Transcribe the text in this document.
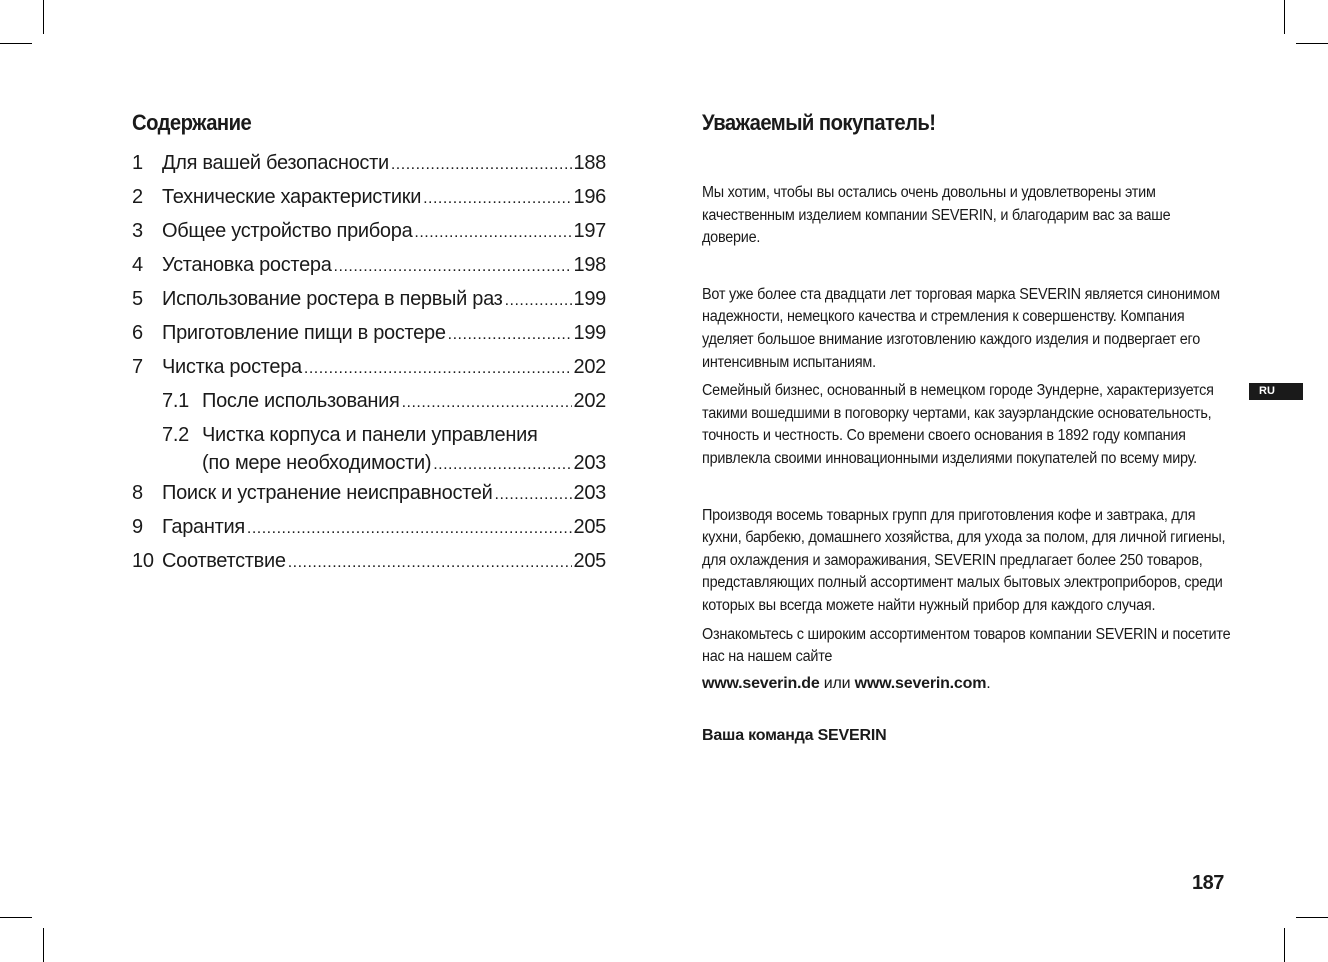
Содержание
1 Для вашей безопасности .....	188
2 Технические характеристики .....	196
3 Общее устройство прибора .....	197
4 Установка ростера .....	198
5 Использование ростера в первый раз .....	199
6 Приготовление пищи в ростере .....	199
7 Чистка ростера .....	202
7.1 После использования .....	202
7.2 Чистка корпуса и панели управления
(по мере необходимости) .....	203
8 Поиск и устранение неисправностей .....	203
9 Гарантия .....	205
10 Соответствие .....	205
Уважаемый покупатель!

Мы хотим, чтобы вы остались очень довольны и удовлетворены этим качественным изделием компании SEVERIN, и благодарим вас за ваше доверие.

Вот уже более ста двадцати лет торговая марка SEVERIN является синонимом надежности, немецкого качества и стремления к совершенству. Компания уделяет большое внимание изготовлению каждого изделия и подвергает его интенсивным испытаниям.

Семейный бизнес, основанный в немецком городе Зундерне, характеризуется такими вошедшими в поговорку чертами, как зауэрландские основательность, точность и честность. Со времени своего основания в 1892 году компания привлекла своими инновационными изделиями покупателей по всему миру.

Производя восемь товарных групп для приготовления кофе и завтрака, для кухни, барбекю, домашнего хозяйства, для ухода за полом, для личной гигиены, для охлаждения и замораживания, SEVERIN предлагает более 250 товаров, представляющих полный ассортимент малых бытовых электроприборов, среди которых вы всегда можете найти нужный прибор для каждого случая.

Ознакомьтесь с широким ассортиментом товаров компании SEVERIN и посетите нас на нашем сайте

www.severin.de или www.severin.com.

Ваша команда SEVERIN

RU
187
